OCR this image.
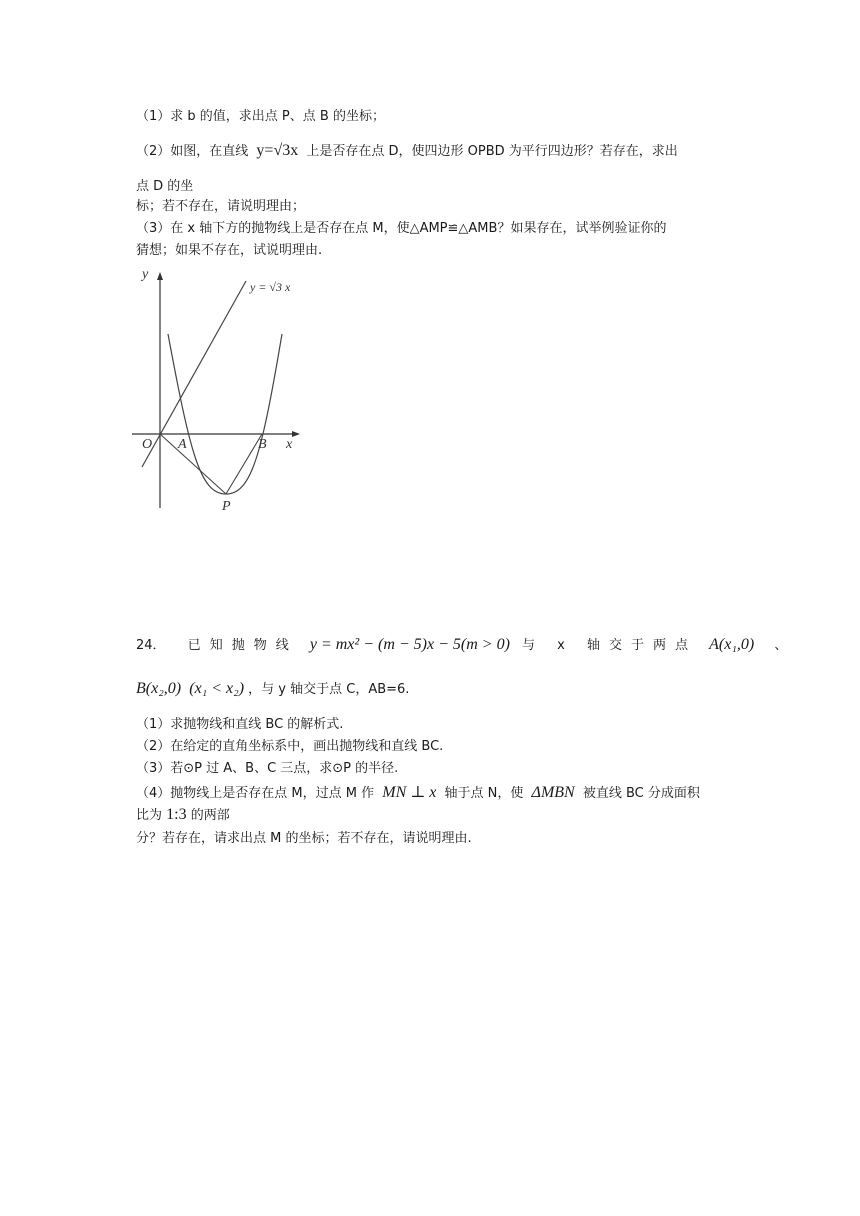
（1）求 b 的值，求出点 P、点 B 的坐标；
（2）如图，在直线 y=√3x 上是否存在点 D，使四边形 OPBD 为平行四边形？若存在，求出
点 D 的坐
标；若不存在，请说明理由；
（3）在 x 轴下方的抛物线上是否存在点 M，使△AMP≌△AMB？如果存在，试举例验证你的
猜想；如果不存在，试说明理由.
y
x
y = √3 x
O A	B
P
24． 已知抛物线 y = mx² − (m − 5)x − 5(m > 0) 与 x 轴交于两点 A(x₁,0) 、
B(x₂,0) (x₁ < x₂) ，与 y 轴交于点 C，AB=6.
（1）求抛物线和直线 BC 的解析式.
（2）在给定的直角坐标系中，画出抛物线和直线 BC.
（3）若⊙P 过 A、B、C 三点，求⊙P 的半径.
（4）抛物线上是否存在点 M，过点 M 作 MN ⊥ x 轴于点 N，使 ΔMBN 被直线 BC 分成面积
比为 1:3 的两部
分？若存在，请求出点 M 的坐标；若不存在，请说明理由.
